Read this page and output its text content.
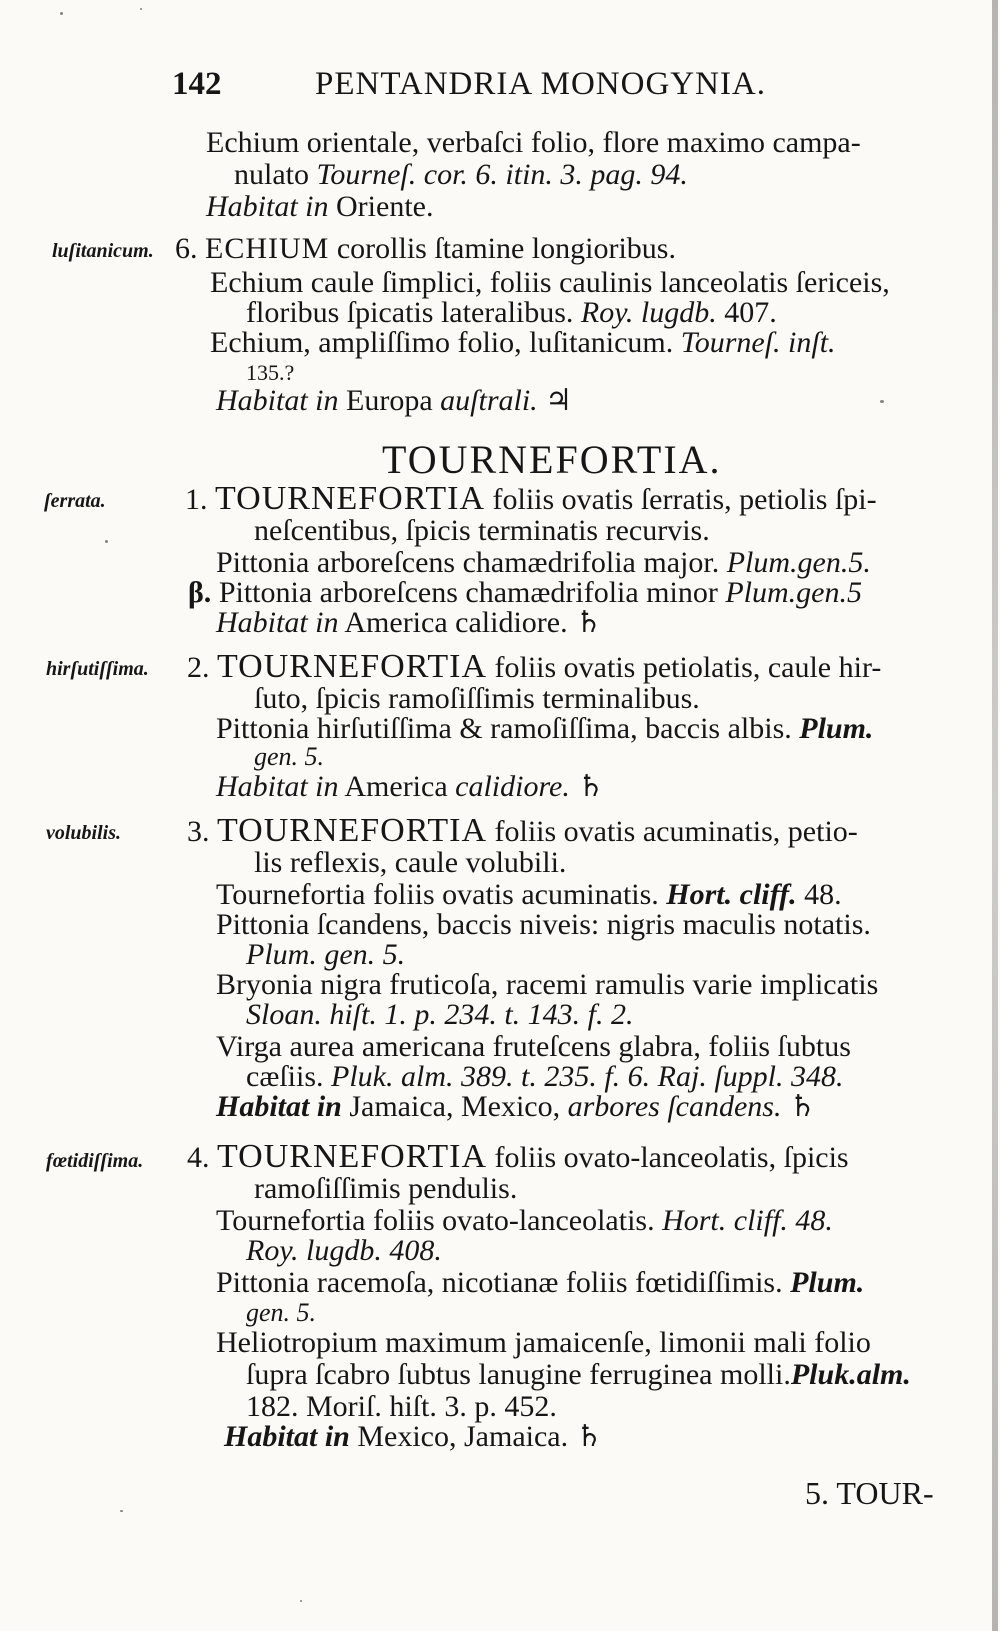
142	PENTANDRIA MONOGYNIA.
Echium orientale, verbaſci folio, flore maximo campa-
nulato Tourneſ. cor. 6. itin. 3. pag. 94.
Habitat in Oriente.
luſitanicum. 6. ECHIUM corollis ſtamine longioribus.
Echium caule ſimplici, foliis caulinis lanceolatis ſericeis,
floribus ſpicatis lateralibus. Roy. lugdb. 407.
Echium, ampliſſimo folio, luſitanicum. Tourneſ. inſt.
135.?
Habitat in Europa auſtrali. ♃
TOURNEFORTIA.
ſerrata.	1. TOURNEFORTIA foliis ovatis ſerratis, petiolis ſpi-
neſcentibus, ſpicis terminatis recurvis.
Pittonia arboreſcens chamædrifolia major. Plum.gen.5.
β. Pittonia arboreſcens chamædrifolia minor Plum.gen.5
Habitat in America calidiore. ♄
hirſutiſſima. 2. TOURNEFORTIA foliis ovatis petiolatis, caule hir-
ſuto, ſpicis ramoſiſſimis terminalibus.
Pittonia hirſutiſſima & ramoſiſſima, baccis albis. Plum.
gen. 5.
Habitat in America calidiore. ♄
volubilis. 3. TOURNEFORTIA foliis ovatis acuminatis, petio-
lis reflexis, caule volubili.
Tournefortia foliis ovatis acuminatis. Hort. cliff. 48.
Pittonia ſcandens, baccis niveis: nigris maculis notatis.
Plum. gen. 5.
Bryonia nigra fruticoſa, racemi ramulis varie implicatis
Sloan. hiſt. 1. p. 234. t. 143. f. 2.
Virga aurea americana fruteſcens glabra, foliis ſubtus
cæſiis. Pluk. alm. 389. t. 235. f. 6. Raj. ſuppl. 348.
Habitat in Jamaica, Mexico, arbores ſcandens. ♄
fœtidiſſima. 4. TOURNEFORTIA foliis ovato-lanceolatis, ſpicis
ramoſiſſimis pendulis.
Tournefortia foliis ovato-lanceolatis. Hort. cliff. 48.
Roy. lugdb. 408.
Pittonia racemoſa, nicotianæ foliis fœtidiſſimis. Plum.
gen. 5.
Heliotropium maximum jamaicenſe, limonii mali folio
ſupra ſcabro ſubtus lanugine ferruginea molli.Pluk.alm.
182. Moriſ. hiſt. 3. p. 452.
Habitat in Mexico, Jamaica. ♄
5. TOUR-
